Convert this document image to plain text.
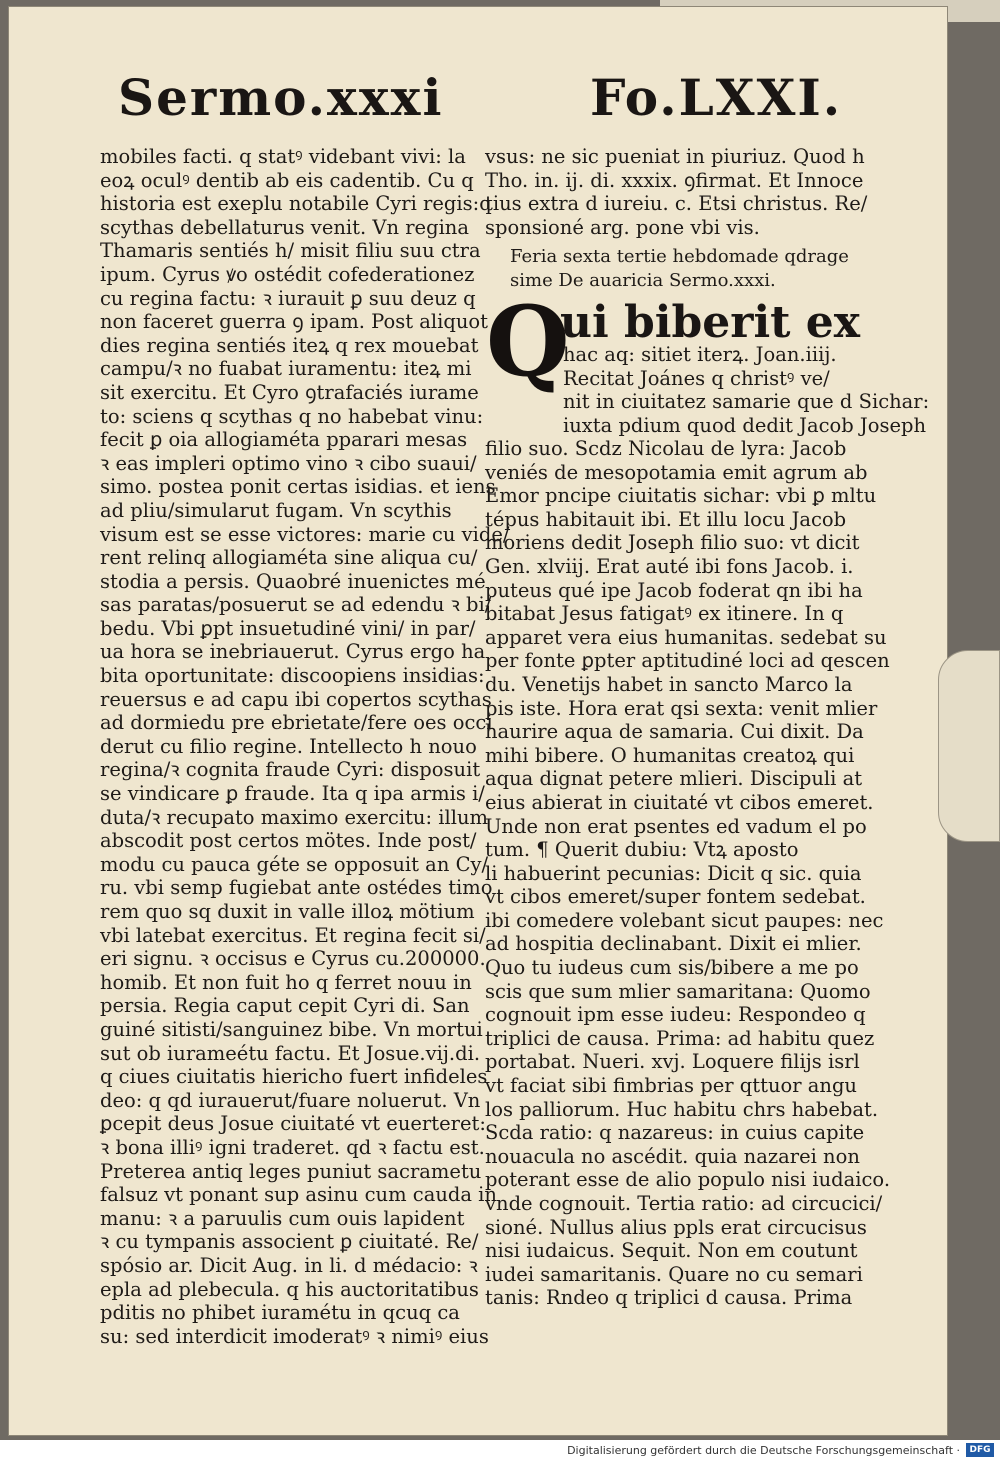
Sermo.xxxi	Fo.LXXI.
mobiles facti. q statꝰ videbant vivi: la
eoꝝ oculꝰ dentib ab eis cadentib. Cu q
historia est exeplu notabile Cyri regis:q
scythas debellaturus venit. Vn regina
Thamaris sentiés h/ misit filiu suu ctra
ipum. Cyrus ꝟo ostédit cofederationez
cu regina factu: ꝛ iurauit ꝑ suu deuz q
non faceret guerra ꝯ ipam. Post aliquot
dies regina sentiés iteꝝ q rex mouebat
campu/ꝛ no fuabat iuramentu: iteꝝ mi
sit exercitu. Et Cyro ꝯtrafaciés iurame
to: sciens q scythas q no habebat vinu:
fecit ꝑ oia allogiaméta pparari mesas
ꝛ eas impleri optimo vino ꝛ cibo suaui/
simo. postea ponit certas isidias. et iens
ad pliu/simularut fugam. Vn scythis
visum est se esse victores: marie cu vide/
rent relinq allogiaméta sine aliqua cu/
stodia a persis. Quaobré inuenictes mé
sas paratas/posuerut se ad edendu ꝛ bi/
bedu. Vbi ꝑpt insuetudiné vini/ in par/
ua hora se inebriauerut. Cyrus ergo ha
bita oportunitate: discoopiens insidias:
reuersus e ad capu ibi copertos scythas
ad dormiedu pre ebrietate/fere oes occi
derut cu filio regine. Intellecto h nouo
regina/ꝛ cognita fraude Cyri: disposuit
se vindicare ꝑ fraude. Ita q ipa armis i/
duta/ꝛ recupato maximo exercitu: illum
abscodit post certos mötes. Inde post/
modu cu pauca géte se opposuit an Cy/
ru. vbi semp fugiebat ante ostédes timo
rem quo sq duxit in valle illoꝝ mötium
vbi latebat exercitus. Et regina fecit si/
eri signu. ꝛ occisus e Cyrus cu.200000.
homib. Et non fuit ho q ferret nouu in
persia. Regia caput cepit Cyri di. San
guiné sitisti/sanguinez bibe. Vn mortui
sut ob iurameétu factu. Et Josue.vij.di.
q ciues ciuitatis hiericho fuert infideles
deo: q qd iurauerut/fuare noluerut. Vn
ꝑcepit deus Josue ciuitaté vt euerteret:
ꝛ bona illiꝰ igni traderet. qd ꝛ factu est.
Preterea antiq leges puniut sacrametu
falsuz vt ponant sup asinu cum cauda in
manu: ꝛ a paruulis cum ouis lapident
ꝛ cu tympanis associent ꝑ ciuitaté. Re/
spósio ar. Dicit Aug. in li. d médacio: ꝛ
epla ad plebecula. q his auctoritatibus
pditis no phibet iuramétu in qcuq ca
su: sed interdicit imoderatꝰ ꝛ nimiꝰ eius
vsus: ne sic pueniat in piuriuz. Quod h
Tho. in. ij. di. xxxix. ꝯfirmat. Et Innoce
tius extra d iureiu. c. Etsi christus. Re/
sponsioné arg. pone vbi vis.
Feria sexta tertie hebdomade qdrage
sime De auaricia Sermo.xxxi.
Q
ui biberit ex
hac aq: sitiet iterꝝ. Joan.iiij.
Recitat Joánes q christꝰ ve/
nit in ciuitatez samarie que d Sichar:
iuxta pdium quod dedit Jacob Joseph
filio suo. Scdz Nicolau de lyra: Jacob
veniés de mesopotamia emit agrum ab
Emor pncipe ciuitatis sichar: vbi ꝑ mltu
tépus habitauit ibi. Et illu locu Jacob
moriens dedit Joseph filio suo: vt dicit
Gen. xlviij. Erat auté ibi fons Jacob. i.
puteus qué ipe Jacob foderat qn ibi ha
bitabat Jesus fatigatꝰ ex itinere. In q
apparet vera eius humanitas. sedebat su
per fonte ꝑpter aptitudiné loci ad qescen
du. Venetijs habet in sancto Marco la
pis iste. Hora erat qsi sexta: venit mlier
haurire aqua de samaria. Cui dixit. Da
mihi bibere. O humanitas creatoꝝ qui
aqua dignat petere mlieri. Discipuli at
eius abierat in ciuitaté vt cibos emeret.
Unde non erat psentes ed vadum el po
tum. ¶ Querit dubiu: Vtꝝ aposto
li habuerint pecunias: Dicit q sic. quia
vt cibos emeret/super fontem sedebat.
ibi comedere volebant sicut paupes: nec
ad hospitia declinabant. Dixit ei mlier.
Quo tu iudeus cum sis/bibere a me po
scis que sum mlier samaritana: Quomo
cognouit ipm esse iudeu: Respondeo q
triplici de causa. Prima: ad habitu quez
portabat. Nueri. xvj. Loquere filijs isrl
vt faciat sibi fimbrias per qttuor angu
los palliorum. Huc habitu chrs habebat.
Scda ratio: q nazareus: in cuius capite
nouacula no ascédit. quia nazarei non
poterant esse de alio populo nisi iudaico.
vnde cognouit. Tertia ratio: ad circucici/
sioné. Nullus alius ppls erat circucisus
nisi iudaicus. Sequit. Non em coutunt
iudei samaritanis. Quare no cu semari
tanis: Rndeo q triplici d causa. Prima
Digitalisierung gefördert durch die Deutsche Forschungsgemeinschaft ·	DFG
